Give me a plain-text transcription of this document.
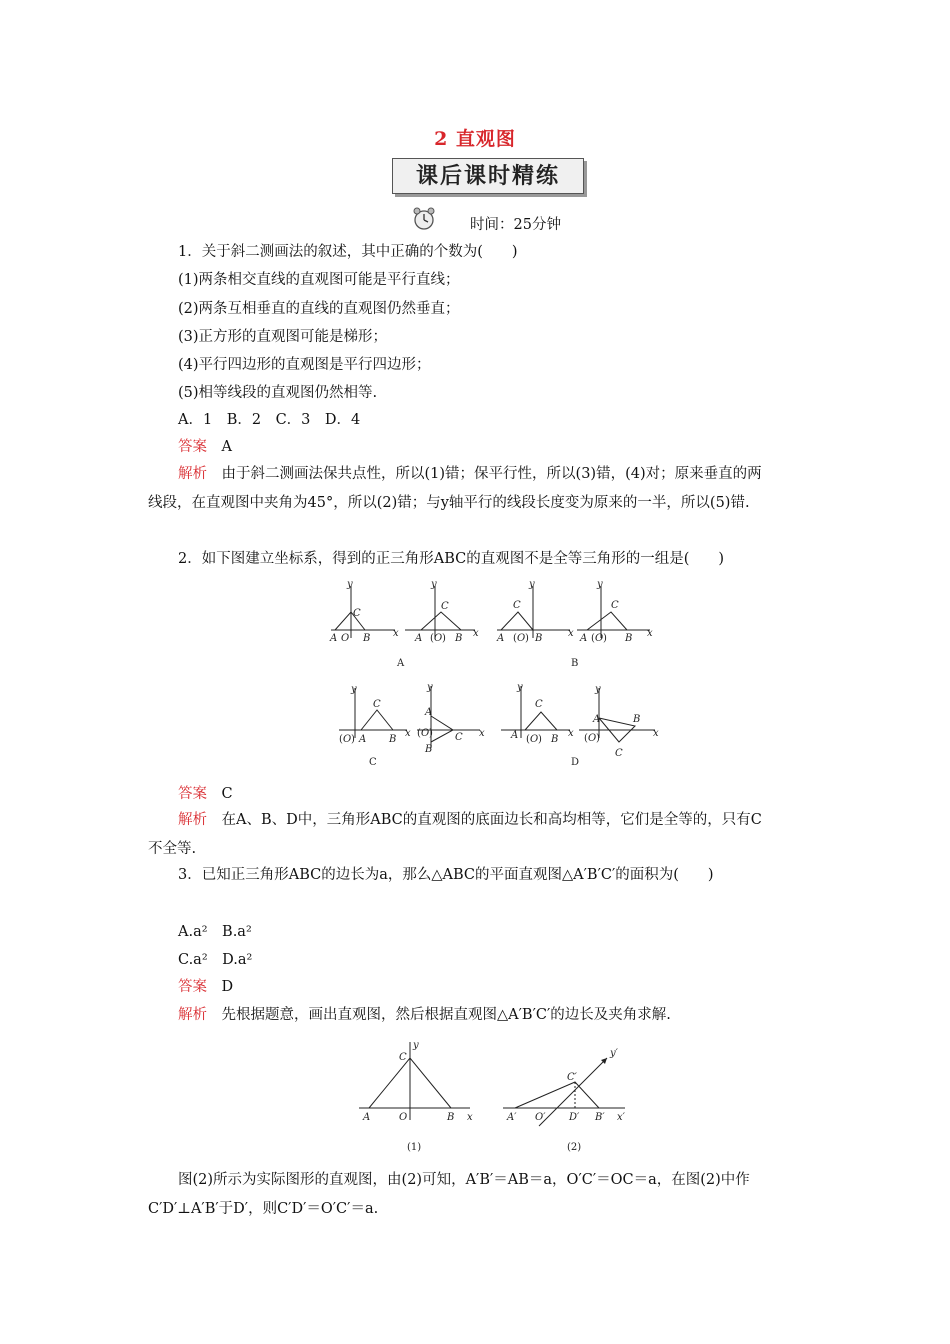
2 直观图
课后课时精练
时间：25分钟
1．关于斜二测画法的叙述，其中正确的个数为(　　)
(1)两条相交直线的直观图可能是平行直线；
(2)两条互相垂直的直线的直观图仍然垂直；
(3)正方形的直观图可能是梯形；
(4)平行四边形的直观图是平行四边形；
(5)相等线段的直观图仍然相等.
A．1　B．2　C．3　D．4
答案　 A
解析　 由于斜二测画法保共点性，所以(1)错；保平行性，所以(3)错，(4)对；原来垂直的两线段，在直观图中夹角为45°，所以(2)错；与y轴平行的线段长度变为原来的一半，所以(5)错.
2．如下图建立坐标系，得到的正三角形ABC的直观图不是全等三角形的一组是(　　)
y
C
A O B x
y
C
A ( O ) B x
y
C
A ( O ) B	x
y
C
A ( O ) B x
A	B
y
C
( O ) A B
x
y
A
( O )
B
C x
y
C
A ( O ) B
x
y
A	B
( O )
C
x
C	D
答案　 C
解析　 在A、B、D中，三角形ABC的直观图的底面边长和高均相等，它们是全等的，只有C不全等.
3．已知正三角形ABC的边长为a，那么△ABC的平面直观图△A′B′C′的面积为(　　)
A.a²　B.a²
C.a²　D.a²
答案　 D
解析　 先根据题意，画出直观图，然后根据直观图△A′B′C′的边长及夹角求解.
y
C
A	O	B x
(1)
y′
C′
A′ O′ D′ B′ x′
(2)
图(2)所示为实际图形的直观图，由(2)可知，A′B′＝AB＝a，O′C′＝OC＝a，在图(2)中作C′D′⊥A′B′于D′，则C′D′＝O′C′＝a.
